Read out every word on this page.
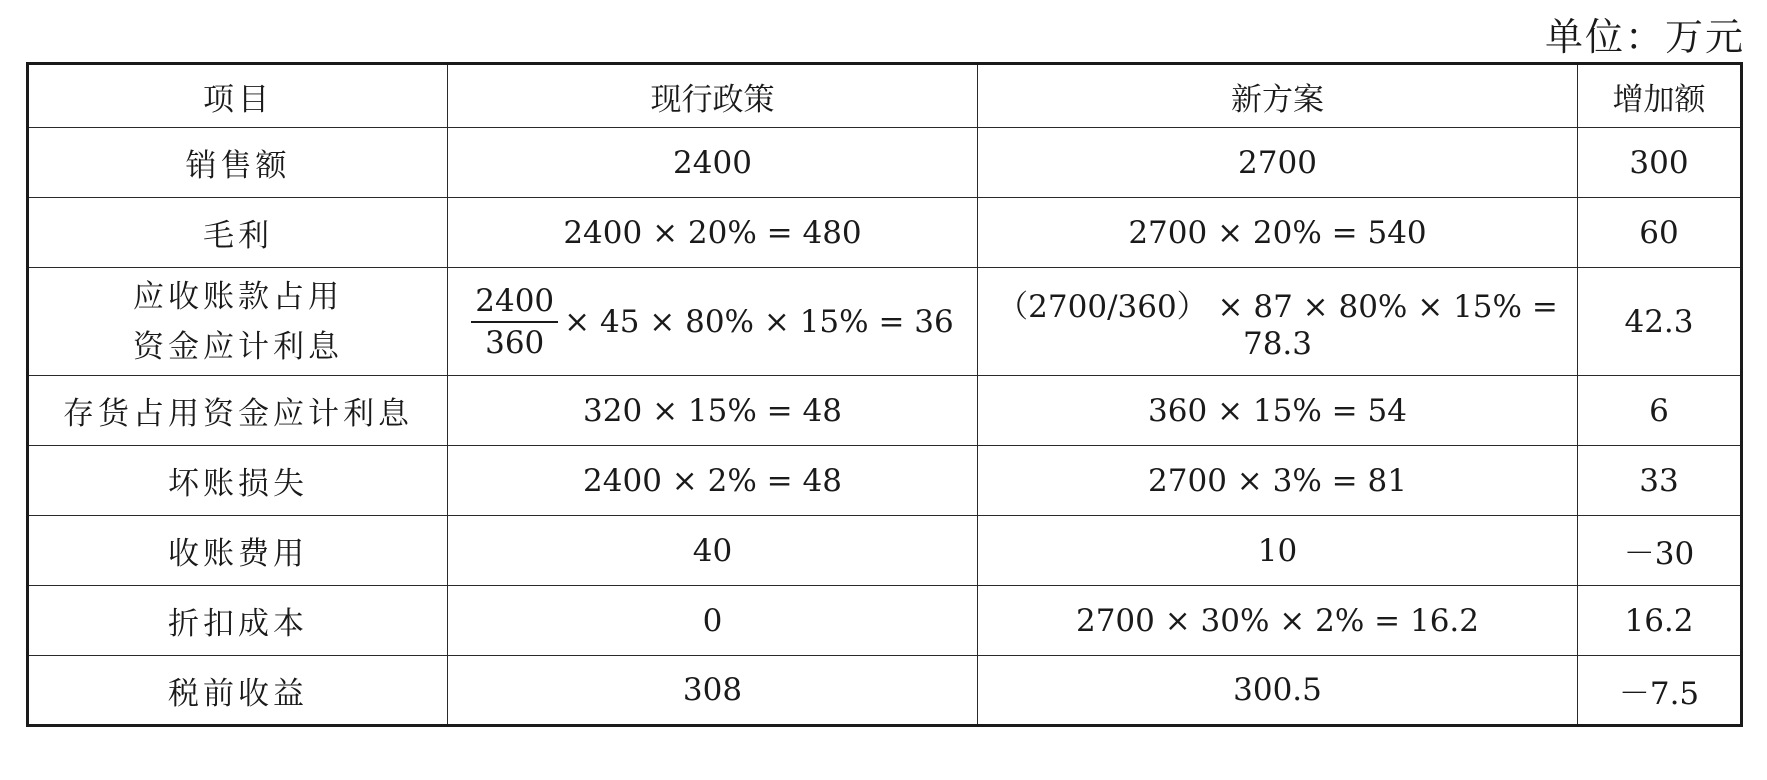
单位：万元
项目	现行政策	新方案	增加额
销售额	2400	2700	300
毛利	2400 × 20% = 480	2700 × 20% = 540	60

应收账款占用
资金应计利息	$\frac{2400}{360} \times 45 \times 80\% \times 15\% = 36$	（2700/360） × 87 × 80% × 15% = 78.3	42.3
存货占用资金应计利息	320 × 15% = 48	360 × 15% = 54	6
坏账损失	2400 × 2% = 48	2700 × 3% = 81	33
收账费用	40	10	－30
折扣成本	0	2700 × 30% × 2% = 16.2	16.2
税前收益	308	300.5	－7.5
